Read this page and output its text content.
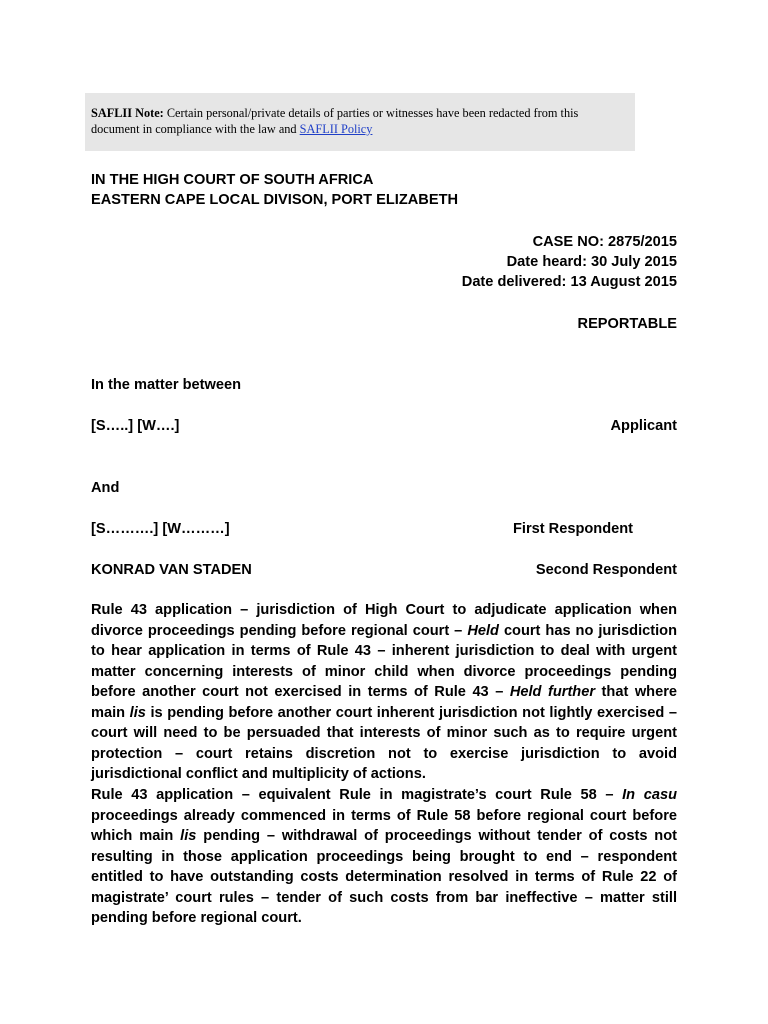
SAFLII Note: Certain personal/private details of parties or witnesses have been redacted from this document in compliance with the law and SAFLII Policy
IN THE HIGH COURT OF SOUTH AFRICA
EASTERN CAPE LOCAL DIVISON, PORT ELIZABETH
CASE NO: 2875/2015
Date heard: 30 July 2015
Date delivered: 13 August 2015
REPORTABLE
In the matter between
[S…..] [W….]	Applicant
And
[S……….] [W………]	First Respondent
KONRAD VAN STADEN	Second Respondent
Rule 43 application – jurisdiction of High Court to adjudicate application when divorce proceedings pending before regional court – Held court has no jurisdiction to hear application in terms of Rule 43 – inherent jurisdiction to deal with urgent matter concerning interests of minor child when divorce proceedings pending before another court not exercised in terms of Rule 43 – Held further that where main lis is pending before another court inherent jurisdiction not lightly exercised – court will need to be persuaded that interests of minor such as to require urgent protection – court retains discretion not to exercise jurisdiction to avoid jurisdictional conflict and multiplicity of actions.
Rule 43 application – equivalent Rule in magistrate’s court Rule 58 – In casu proceedings already commenced in terms of Rule 58 before regional court before which main lis pending – withdrawal of proceedings without tender of costs not resulting in those application proceedings being brought to end – respondent entitled to have outstanding costs determination resolved in terms of Rule 22 of magistrate’ court rules – tender of such costs from bar ineffective – matter still pending before regional court.
